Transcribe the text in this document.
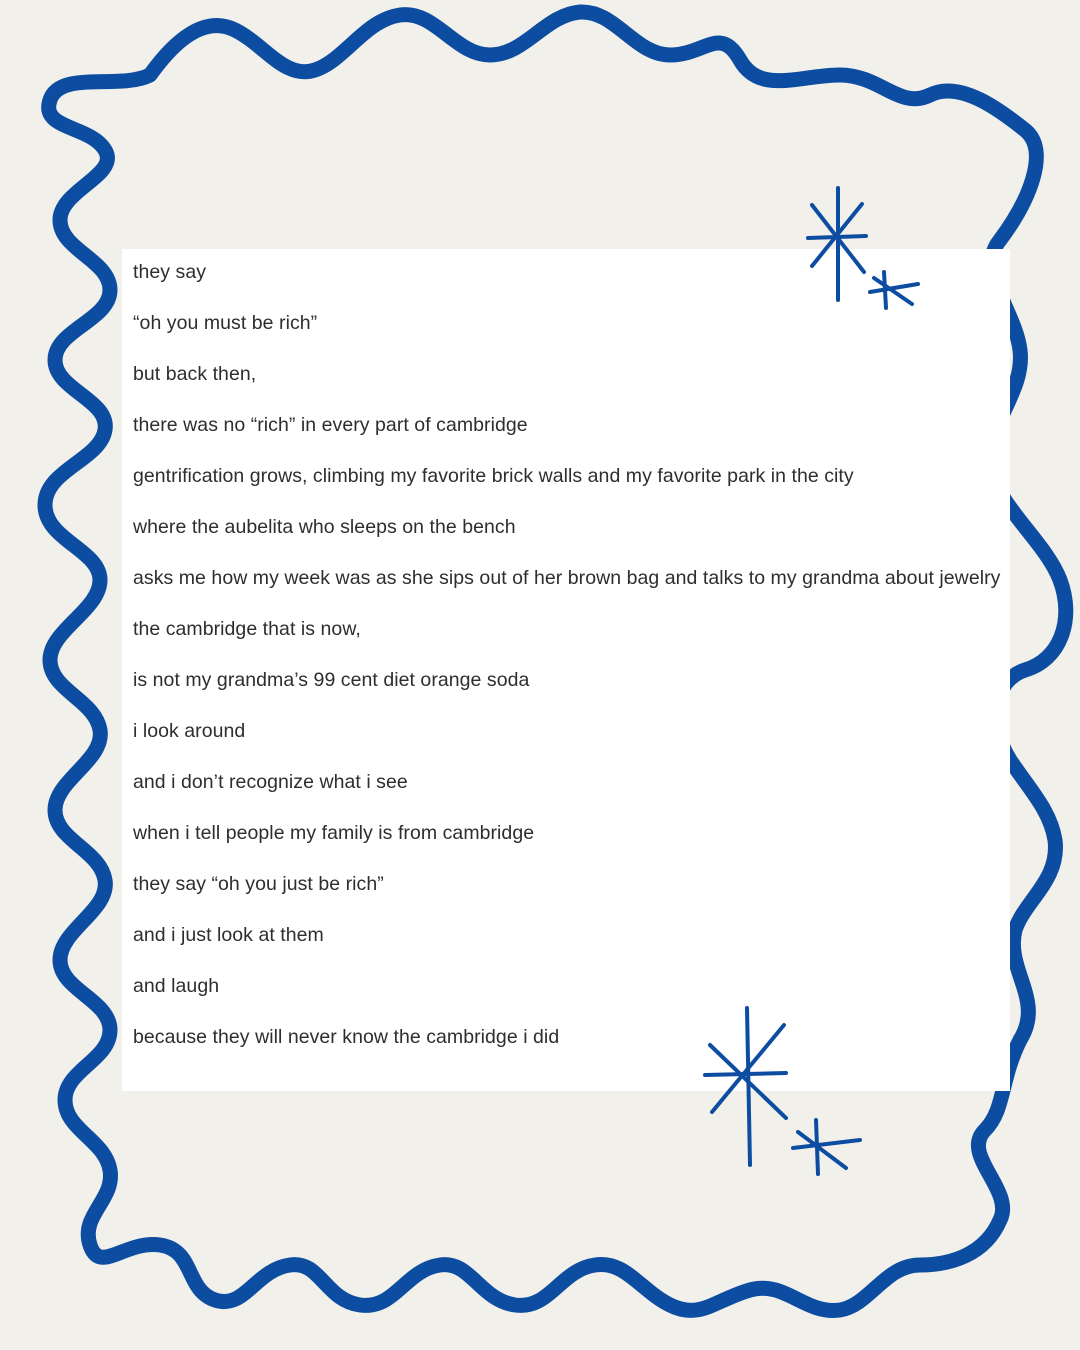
they say
“oh you must be rich”
but back then,
there was no “rich” in every part of cambridge
gentrification grows, climbing my favorite brick walls and my favorite park in the city
where the aubelita who sleeps on the bench
asks me how my week was as she sips out of her brown bag and talks to my grandma about jewelry
the cambridge that is now,
is not my grandma’s 99 cent diet orange soda
i look around
and i don’t recognize what i see
when i tell people my family is from cambridge
they say “oh you just be rich”
and i just look at them
and laugh
because they will never know the cambridge i did
